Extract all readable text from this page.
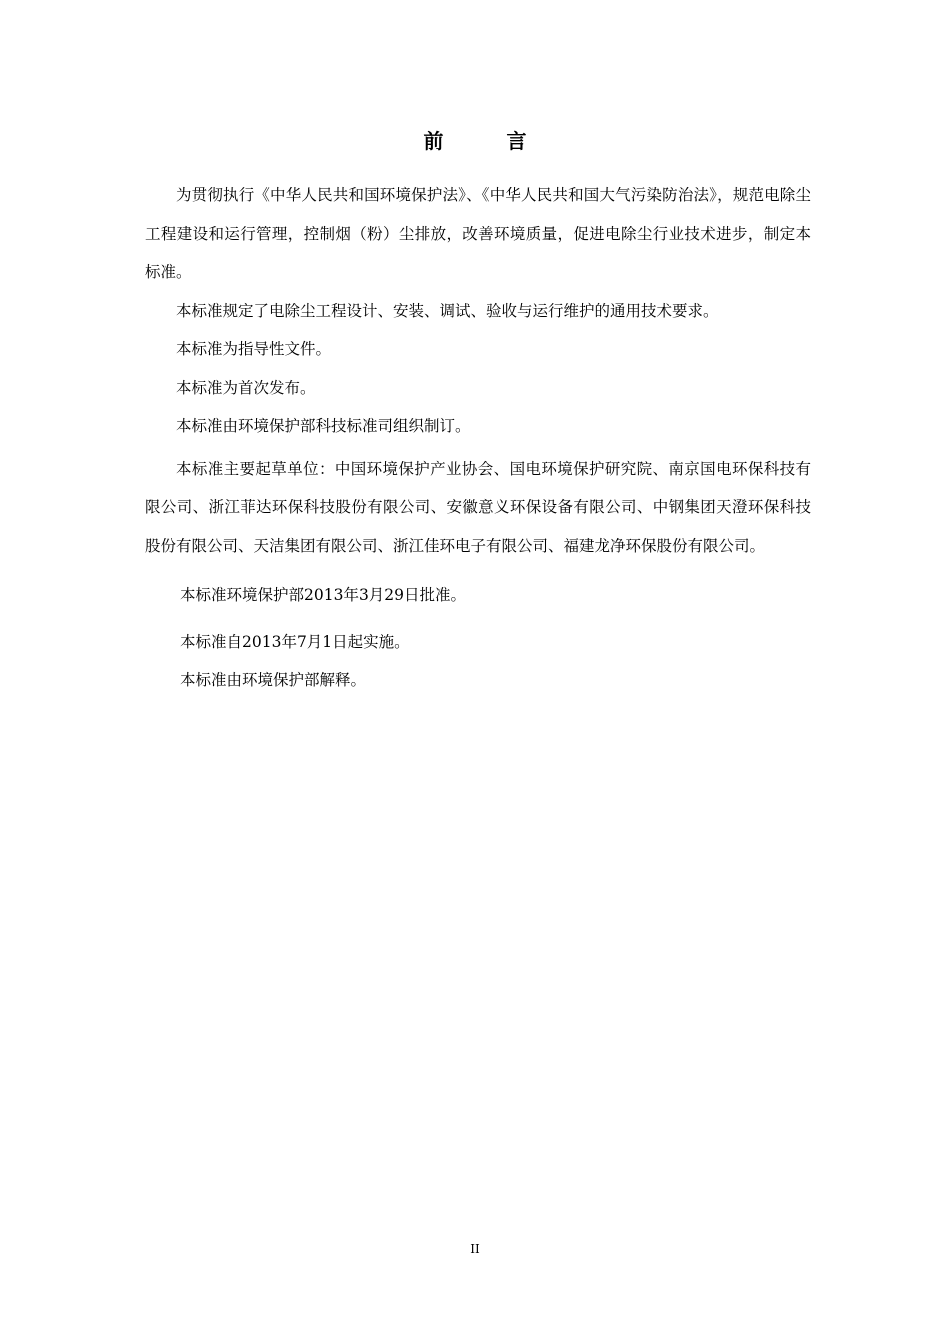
前 言

为贯彻执行《中华人民共和国环境保护法》、《中华人民共和国大气污染防治法》，规范电除尘工程建设和运行管理，控制烟（粉）尘排放，改善环境质量，促进电除尘行业技术进步，制定本标准。

本标准规定了电除尘工程设计、安装、调试、验收与运行维护的通用技术要求。

本标准为指导性文件。

本标准为首次发布。

本标准由环境保护部科技标准司组织制订。

本标准主要起草单位：中国环境保护产业协会、国电环境保护研究院、南京国电环保科技有限公司、浙江菲达环保科技股份有限公司、安徽意义环保设备有限公司、中钢集团天澄环保科技股份有限公司、天洁集团有限公司、浙江佳环电子有限公司、福建龙净环保股份有限公司。

本标准环境保护部2013年3月29日批准。

本标准自2013年7月1日起实施。

本标准由环境保护部解释。

II
